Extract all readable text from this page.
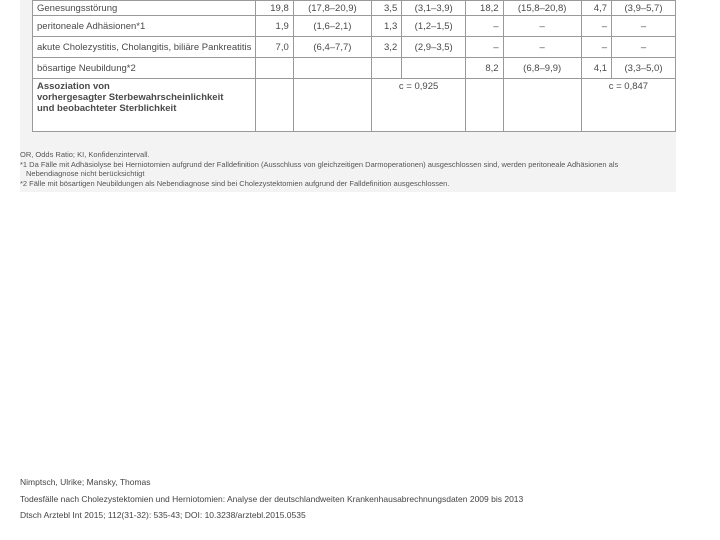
Genesungsstörung	19,8	(17,8–20,9)	3,5	(3,1–3,9)	18,2	(15,8–20,8)	4,7	(3,9–5,7)
peritoneale Adhäsionen*1	1,9	(1,6–2,1)	1,3	(1,2–1,5)	–	–	–	–
akute Cholezystitis, Cholangitis, biliäre Pankreatitis	7,0	(6,4–7,7)	3,2	(2,9–3,5)	–	–	–	–
bösartige Neubildung*2					8,2	(6,8–9,9)	4,1	(3,3–5,0)

Assoziation von
vorhergesagter Sterbewahrscheinlichkeit
und beobachteter Sterblichkeit			c = 0,925				c = 0,847	
OR, Odds Ratio; KI, Konfidenzintervall.
*1 Da Fälle mit Adhäsiolyse bei Herniotomien aufgrund der Falldefinition (Ausschluss von gleichzeitigen Darmoperationen) ausgeschlossen sind, werden peritoneale Adhäsionen als
Nebendiagnose nicht berücksichtigt
*2 Fälle mit bösartigen Neubildungen als Nebendiagnose sind bei Cholezystektomien aufgrund der Falldefinition ausgeschlossen.
Nimptsch, Ulrike; Mansky, Thomas
Todesfälle nach Cholezystektomien und Herniotomien: Analyse der deutschlandweiten Krankenhausabrechnungsdaten 2009 bis 2013
Dtsch Arztebl Int 2015; 112(31-32): 535-43; DOI: 10.3238/arztebl.2015.0535
